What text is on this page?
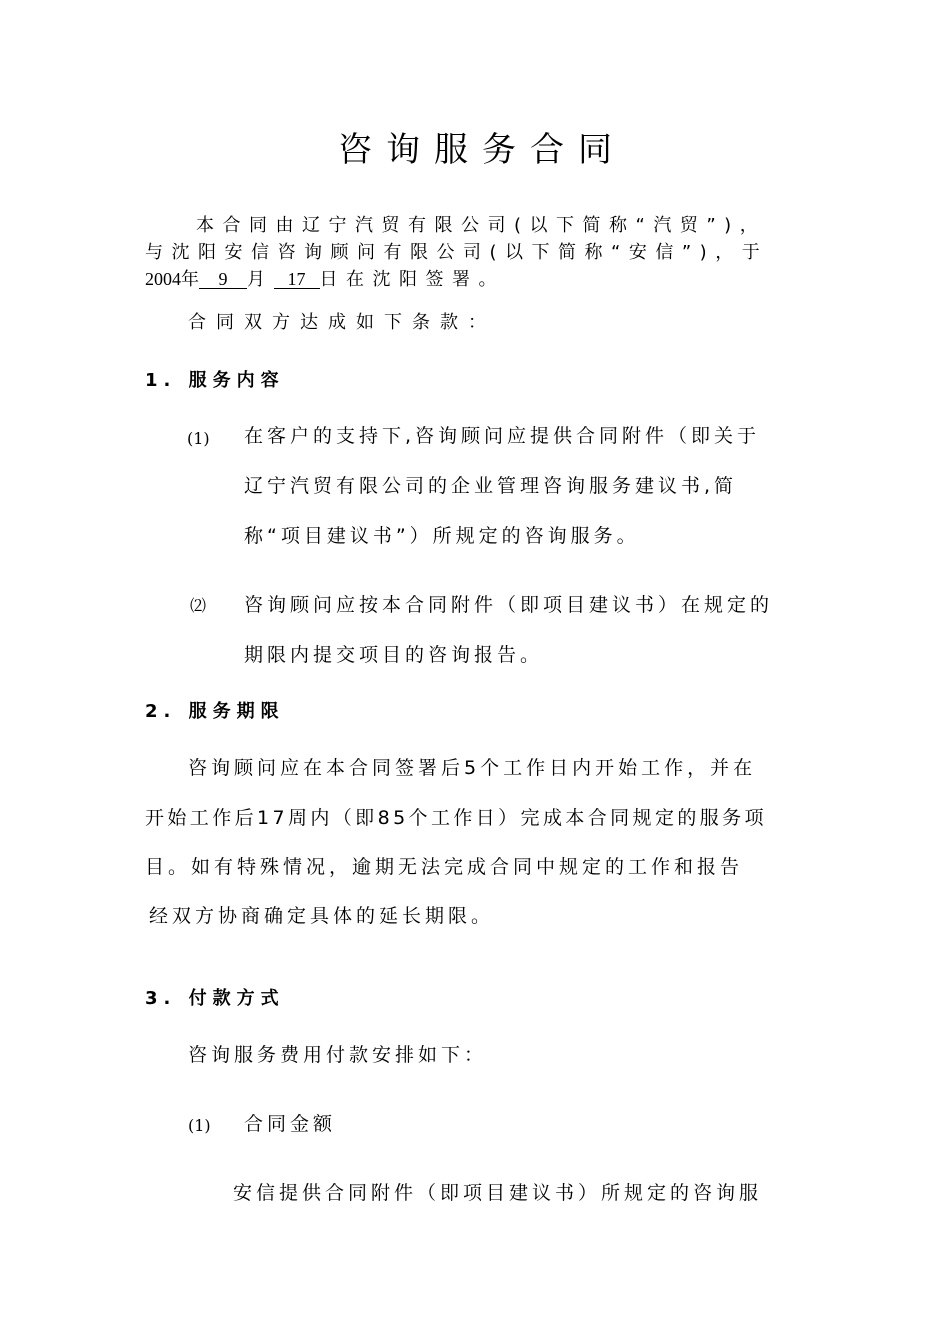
咨询服务合同
本合同由辽宁汽贸有限公司(以下简称“汽贸”)，
与沈阳安信咨询顾问有限公司(以下简称“安信”)，于
2004年 9 月 17 日在沈阳签署。
合同双方达成如下条款：
1. 服务内容
(1) 在客户的支持下,咨询顾问应提供合同附件（即关于
辽宁汽贸有限公司的企业管理咨询服务建议书,简
称“项目建议书”）所规定的咨询服务。
⑵ 咨询顾问应按本合同附件（即项目建议书）在规定的
期限内提交项目的咨询报告。
2. 服务期限
咨询顾问应在本合同签署后5个工作日内开始工作，并在
开始工作后17周内（即85个工作日）完成本合同规定的服务项
目。如有特殊情况，逾期无法完成合同中规定的工作和报告
经双方协商确定具体的延长期限。
3. 付款方式
咨询服务费用付款安排如下：
(1) 合同金额
安信提供合同附件（即项目建议书）所规定的咨询服
